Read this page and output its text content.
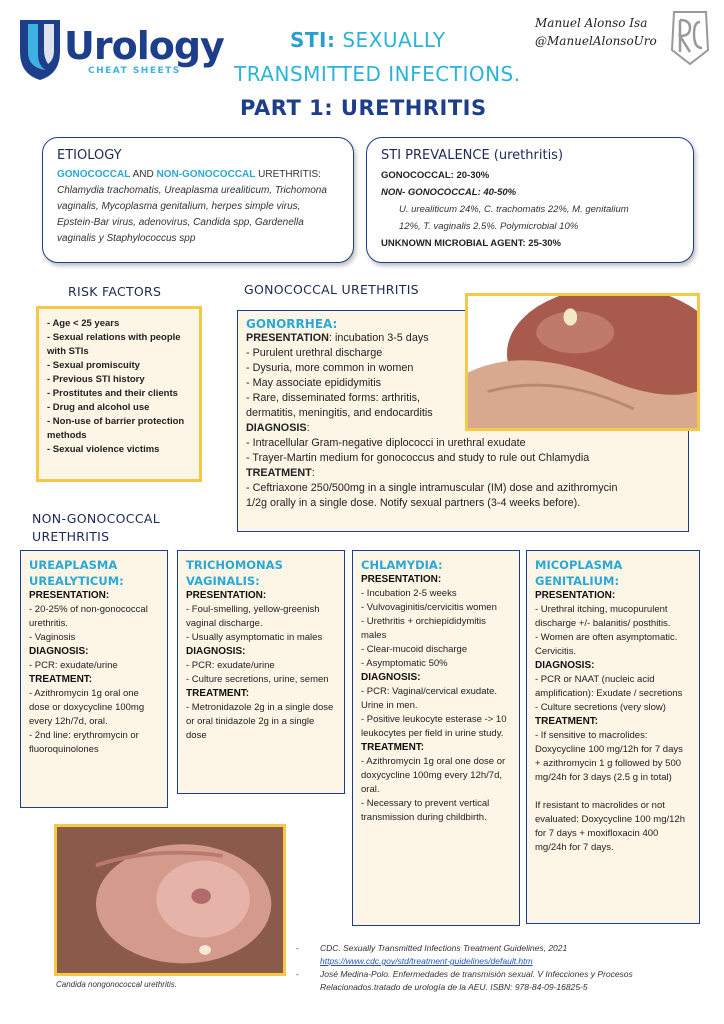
Urology
CHEAT SHEETS
STI: SEXUALLY
TRANSMITTED INFECTIONS.
PART 1: URETHRITIS
Manuel Alonso Isa
@ManuelAlonsoUro
ETIOLOGY
GONOCOCCAL AND NON-GONOCOCCAL URETHRITIS: Chlamydia trachomatis, Ureaplasma urealiticum, Trichomona vaginalis, Mycoplasma genitalium, herpes simple virus, Epstein-Bar virus, adenovirus, Candida spp, Gardenella vaginalis y Staphylococcus spp
STI PREVALENCE (urethritis)
GONOCOCCAL: 20-30%
NON- GONOCOCCAL: 40-50%
U. urealiticum 24%, C. trachomatis 22%, M. genitalium
12%, T. vaginalis 2.5%. Polymicrobial 10%
UNKNOWN MICROBIAL AGENT: 25-30%
RISK FACTORS
- Age < 25 years
- Sexual relations with people with STIs
- Sexual promiscuity
- Previous STI history
- Prostitutes and their clients
- Drug and alcohol use
- Non-use of barrier protection methods
- Sexual violence victims
GONOCOCCAL URETHRITIS
GONORRHEA:
PRESENTATION: incubation 3-5 days
- Purulent urethral discharge
- Dysuria, more common in women
- May associate epididymitis
- Rare, disseminated forms: arthritis,
dermatitis, meningitis, and endocarditis
DIAGNOSIS:
- Intracellular Gram-negative diplococci in urethral exudate
- Trayer-Martin medium for gonococcus and study to rule out Chlamydia
TREATMENT:
- Ceftriaxone 250/500mg in a single intramuscular (IM) dose and azithromycin
1/2g orally in a single dose. Notify sexual partners (3-4 weeks before).
NON-GONOCOCCAL
URETHRITIS
UREAPLASMA UREALYTICUM:
PRESENTATION:
- 20-25% of non-gonococcal urethritis.
- Vaginosis
DIAGNOSIS:
- PCR: exudate/urine
TREATMENT:
- Azithromycin 1g oral one dose or doxycycline 100mg every 12h/7d, oral.
- 2nd line: erythromycin or fluoroquinolones
TRICHOMONAS VAGINALIS:
PRESENTATION:
- Foul-smelling, yellow-greenish vaginal discharge.
- Usually asymptomatic in males
DIAGNOSIS:
- PCR: exudate/urine
- Culture secretions, urine, semen
TREATMENT:
- Metronidazole 2g in a single dose or oral tinidazole 2g in a single dose
CHLAMYDIA:
PRESENTATION:
- Incubation 2-5 weeks
- Vulvovaginitis/cervicitis women
- Urethritis + orchiepididymitis males
- Clear-mucoid discharge
- Asymptomatic 50%
DIAGNOSIS:
- PCR: Vaginal/cervical exudate.
Urine in men.
- Positive leukocyte esterase -> 10 leukocytes per field in urine study.
TREATMENT:
- Azithromycin 1g oral one dose or doxycycline 100mg every 12h/7d, oral.
- Necessary to prevent vertical transmission during childbirth.
MICOPLASMA GENITALIUM:
PRESENTATION:
- Urethral itching, mucopurulent discharge +/- balanitis/ posthitis.
- Women are often asymptomatic. Cervicitis.
DIAGNOSIS:
- PCR or NAAT (nucleic acid amplification): Exudate / secretions
- Culture secretions (very slow)
TREATMENT:
- If sensitive to macrolides: Doxycycline 100 mg/12h for 7 days + azithromycin 1 g followed by 500 mg/24h for 3 days (2.5 g in total)

If resistant to macrolides or not evaluated: Doxycycline 100 mg/12h for 7 days + moxifloxacin 400 mg/24h for 7 days.
Candida nongonococcal urethritis.
-	CDC. Sexually Transmitted Infections Treatment Guidelines, 2021
https://www.cdc.gov/std/treatment-guidelines/default.htm
-	José Medina-Polo. Enfermedades de transmisión sexual. V Infecciones y Procesos Relacionados.tratado de urología de la AEU. ISBN: 978-84-09-16825-5
